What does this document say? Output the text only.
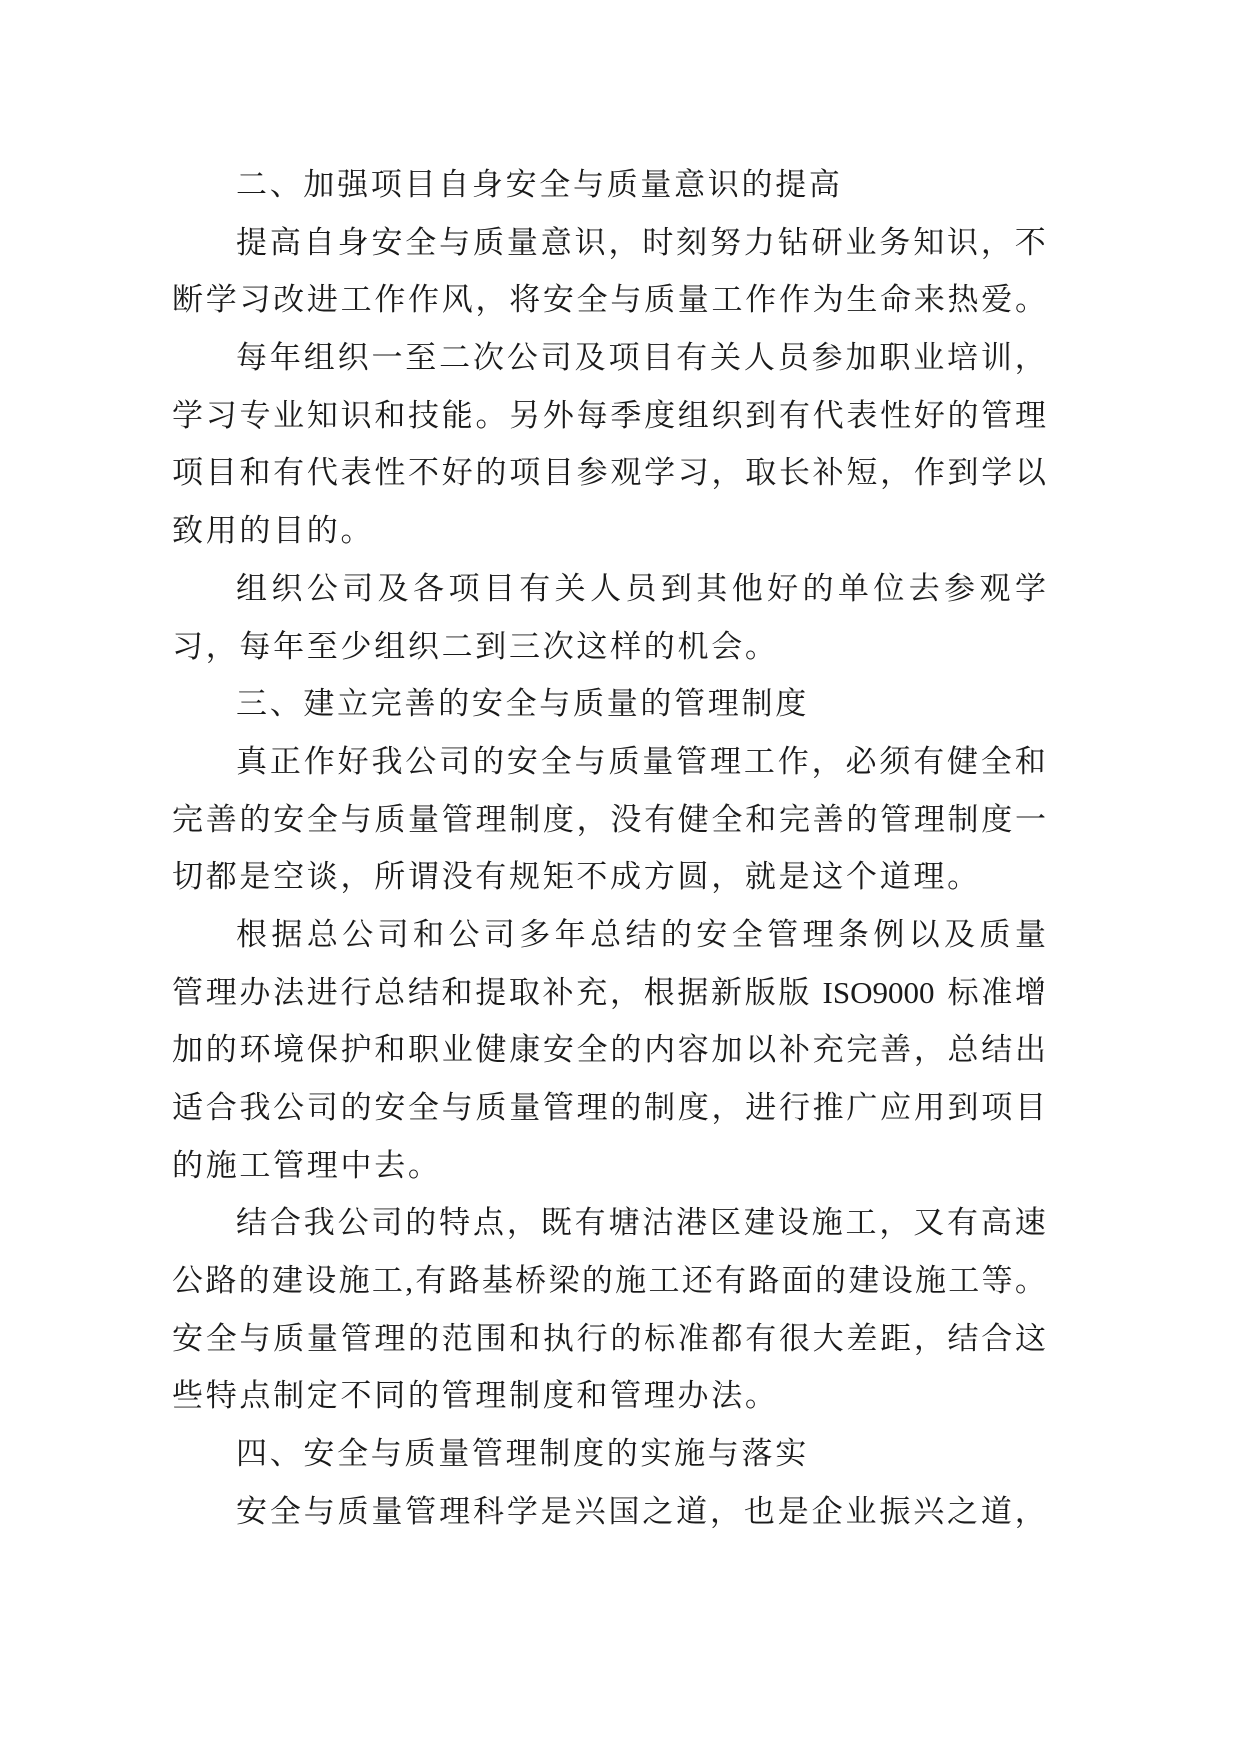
二、加强项目自身安全与质量意识的提高
提 高 自 身 安 全 与 质 量 意 识 ， 时 刻 努 力 钻 研 业 务 知 识 ， 不
断 学 习 改 进 工 作 作 风 ， 将 安 全 与 质 量 工 作 作 为 生 命 来 热 爱 。
每 年 组 织 一 至 二 次 公 司 及 项 目 有 关 人 员 参 加 职 业 培 训 ，
学 习 专 业 知 识 和 技 能 。 另 外 每 季 度 组 织 到 有 代 表 性 好 的 管 理
项 目 和 有 代 表 性 不 好 的 项 目 参 观 学 习 ， 取 长 补 短 ， 作 到 学 以
致用的目的。
组 织 公 司 及 各 项 目 有 关 人 员 到 其 他 好 的 单 位 去 参 观 学
习，每年至少组织二到三次这样的机会。
三、建立完善的安全与质量的管理制度
真 正 作 好 我 公 司 的 安 全 与 质 量 管 理 工 作 ， 必 须 有 健 全 和
完 善 的 安 全 与 质 量 管 理 制 度 ， 没 有 健 全 和 完 善 的 管 理 制 度 一
切都是空谈，所谓没有规矩不成方圆，就是这个道理。
根 据 总 公 司 和 公 司 多 年 总 结 的 安 全 管 理 条 例 以 及 质 量
管 理 办 法 进 行 总 结 和 提 取 补 充 ， 根 据 新 版 版
ISO9000
标 准 增
加 的 环 境 保 护 和 职 业 健 康 安 全 的 内 容 加 以 补 充 完 善 ， 总 结 出
适 合 我 公 司 的 安 全 与 质 量 管 理 的 制 度 ， 进 行 推 广 应 用 到 项 目
的施工管理中去。
结 合 我 公 司 的 特 点 ， 既 有 塘 沽 港 区 建 设 施 工 ， 又 有 高 速
公 路 的 建 设 施 工 , 有 路 基 桥 梁 的 施 工 还 有 路 面 的 建 设 施 工 等 。
安 全 与 质 量 管 理 的 范 围 和 执 行 的 标 准 都 有 很 大 差 距 ， 结 合 这
些特点制定不同的管理制度和管理办法。
四、安全与质量管理制度的实施与落实
安 全 与 质 量 管 理 科 学 是 兴 国 之 道 ， 也 是 企 业 振 兴 之 道 ，
